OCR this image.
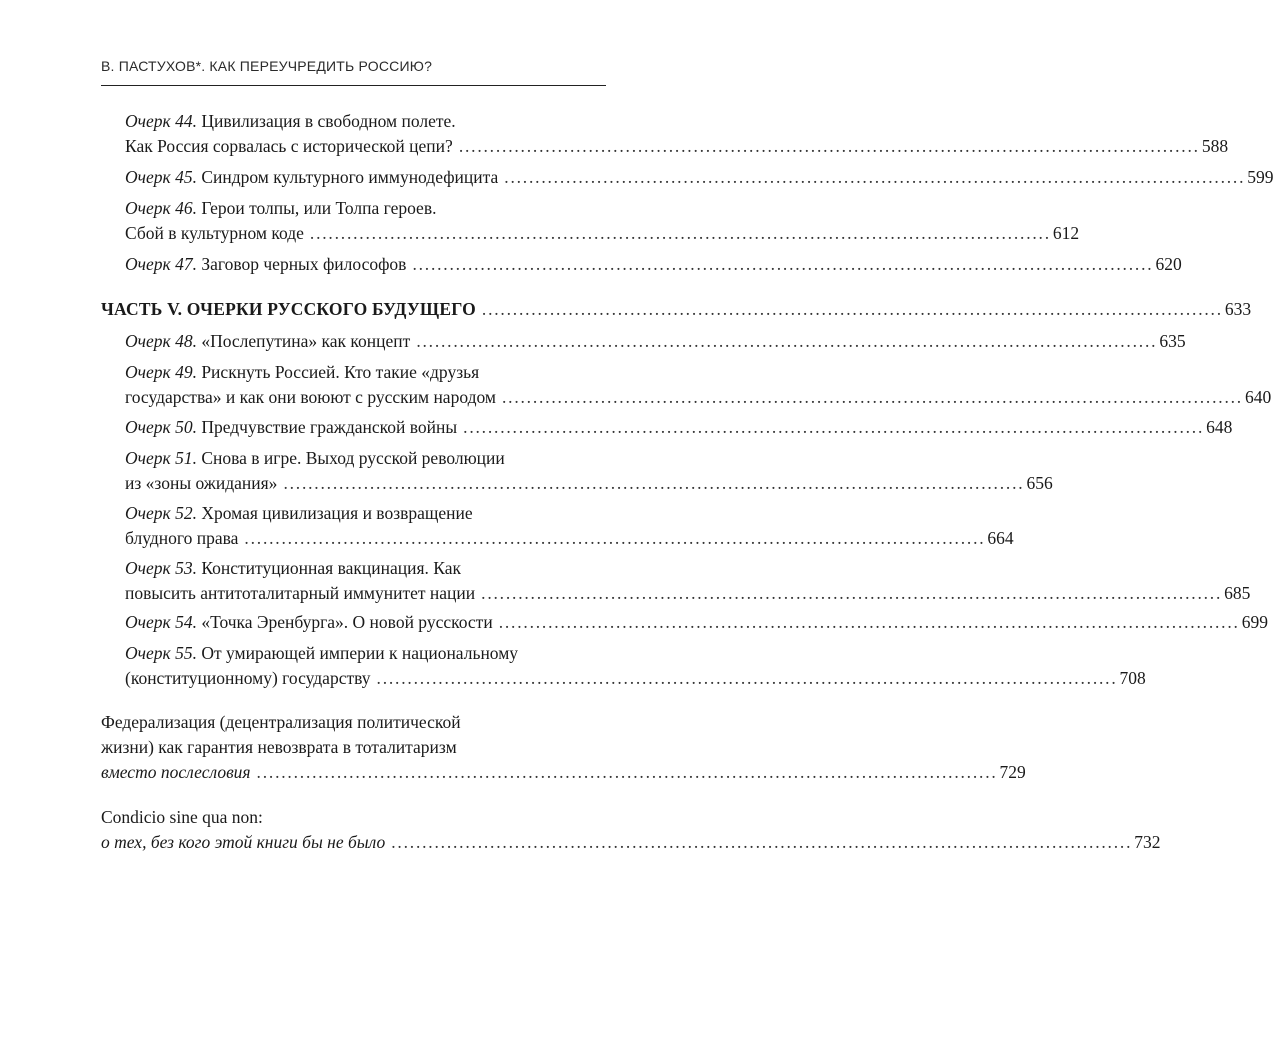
В. ПАСТУХОВ*. КАК ПЕРЕУЧРЕДИТЬ РОССИЮ?
Очерк 44. Цивилизация в свободном полете.
Как Россия сорвалась с исторической цепи? ........................................................................................................................ 588
Очерк 45. Синдром культурного иммунодефицита ........................................................................................................................ 599
Очерк 46. Герои толпы, или Толпа героев.
Сбой в культурном коде ........................................................................................................................ 612
Очерк 47. Заговор черных философов ........................................................................................................................ 620
ЧАСТЬ V. ОЧЕРКИ РУССКОГО БУДУЩЕГО ........................................................................................................................ 633
Очерк 48. «Послепутина» как концепт ........................................................................................................................ 635
Очерк 49. Рискнуть Россией. Кто такие «друзья
государства» и как они воюют с русским народом ........................................................................................................................ 640
Очерк 50. Предчувствие гражданской войны ........................................................................................................................ 648
Очерк 51. Снова в игре. Выход русской революции
из «зоны ожидания» ........................................................................................................................ 656
Очерк 52. Хромая цивилизация и возвращение
блудного права ........................................................................................................................ 664
Очерк 53. Конституционная вакцинация. Как
повысить антитоталитарный иммунитет нации ........................................................................................................................ 685
Очерк 54. «Точка Эренбурга». О новой русскости ........................................................................................................................ 699
Очерк 55. От умирающей империи к национальному
(конституционному) государству ........................................................................................................................ 708
Федерализация (децентрализация политической
жизни) как гарантия невозврата в тоталитаризм
вместо послесловия ........................................................................................................................ 729
Condicio sine qua non:
о тех, без кого этой книги бы не было ........................................................................................................................ 732
